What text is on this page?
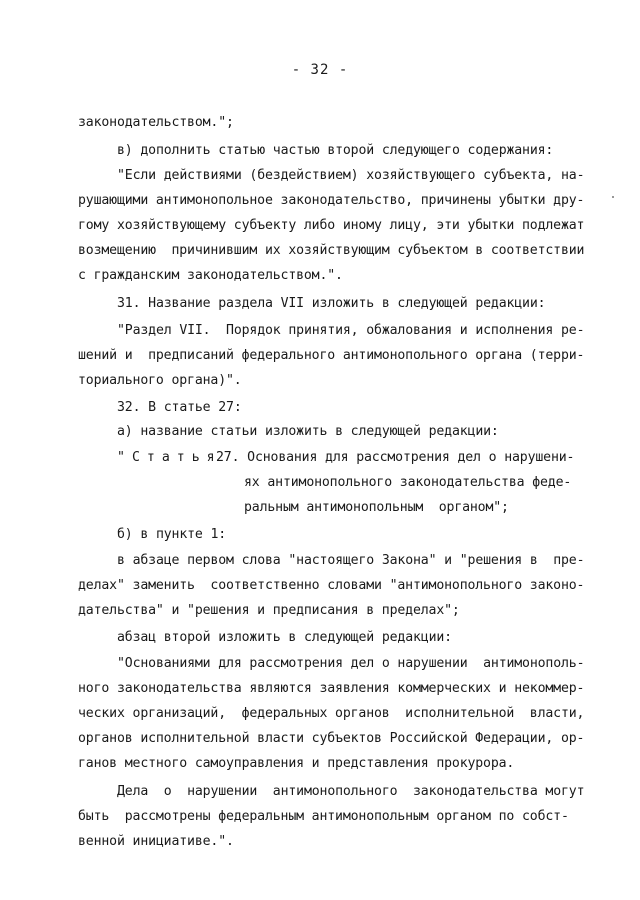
- 32 -
законодательством.";
в) дополнить статью частью второй следующего содержания:
"Если действиями (бездействием) хозяйствующего субъекта, на-
рушающими антимонопольное законодательство, причинены убытки дру-
гому хозяйствующему субъекту либо иному лицу, эти убытки подлежат
возмещению  причинившим их хозяйствующим субъектом в соответствии
с гражданским законодательством.".
31. Название раздела VII изложить в следующей редакции:
"Раздел VII.  Порядок принятия, обжалования и исполнения ре-
шений и  предписаний федерального антимонопольного органа (терри-
ториального органа)".
32. В статье 27:
а) название статьи изложить в следующей редакции:
"Статья
27. Основания для рассмотрения дел о нарушени-
ях антимонопольного законодательства феде-
ральным антимонопольным  органом";
б) в пункте 1:
в абзаце первом слова "настоящего Закона" и "решения в  пре-
делах" заменить  соответственно словами "антимонопольного законо-
дательства" и "решения и предписания в пределах";
абзац второй изложить в следующей редакции:
"Основаниями для рассмотрения дел о нарушении  антимонополь-
ного законодательства являются заявления коммерческих и некоммер-
ческих организаций,  федеральных органов  исполнительной  власти,
органов исполнительной власти субъектов Российской Федерации, ор-
ганов местного самоуправления и представления прокурора.
Дела  о  нарушении  антимонопольного  законодательства могут
быть  рассмотрены федеральным антимонопольным органом по собст-
венной инициативе.".
